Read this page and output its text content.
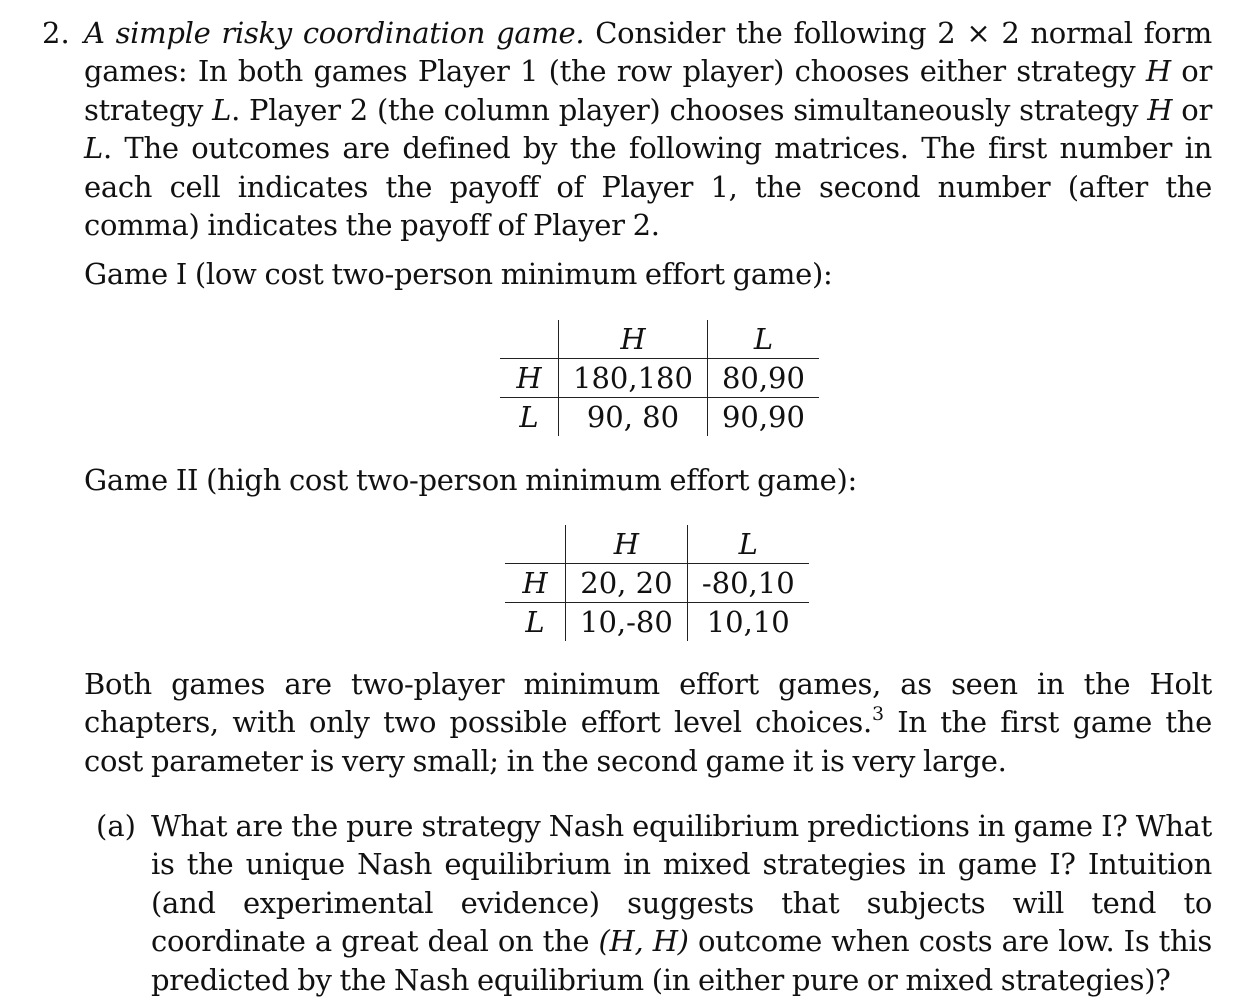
2. A simple risky coordination game. Consider the following 2 × 2 normal form games: In both games Player 1 (the row player) chooses either strategy H or strategy L. Player 2 (the column player) chooses simultaneously strategy H or L. The outcomes are defined by the following matrices. The first number in each cell indicates the payoff of Player 1, the second number (after the comma) indicates the payoff of Player 2.

Game I (low cost two-person minimum effort game):

	H	L
H	180,180	80,90
L	90, 80	90,90

Game II (high cost two-person minimum effort game):

	H	L
H	20, 20	-80,10
L	10,-80	10,10

Both games are two-player minimum effort games, as seen in the Holt chapters, with only two possible effort level choices.$^3$ In the first game the cost parameter is very small; in the second game it is very large.

(a) What are the pure strategy Nash equilibrium predictions in game I? What is the unique Nash equilibrium in mixed strategies in game I? Intuition (and experimental evidence) suggests that subjects will tend to coordinate a great deal on the (H, H) outcome when costs are low. Is this predicted by the Nash equilibrium (in either pure or mixed strategies)?
